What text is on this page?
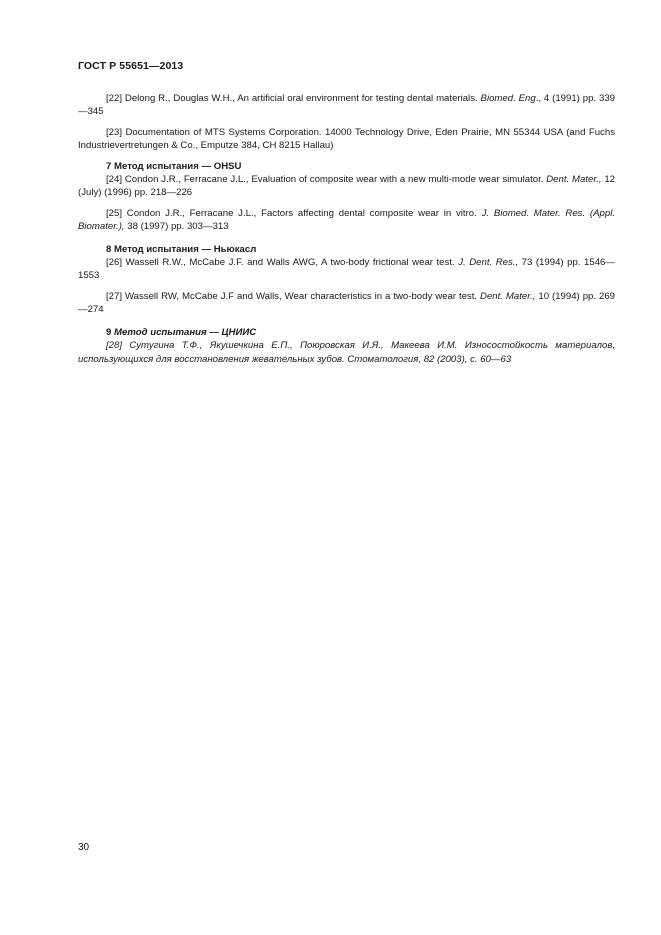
ГОСТ Р 55651—2013

[22] Delong R., Douglas W.H., An artificial oral environment for testing dental materials. Biomed. Eng., 4 (1991) pp. 339—345

[23] Documentation of MTS Systems Corporation. 14000 Technology Drive, Eden Prairie, MN 55344 USA (and Fuchs Industrievertretungen & Co., Emputze 384, CH 8215 Hallau)

7 Метод испытания — OHSU

[24] Condon J.R., Ferracane J.L., Evaluation of composite wear with a new multi-mode wear simulator. Dent. Mater., 12 (July) (1996) pp. 218—226

[25] Condon J.R., Ferracane J.L., Factors affecting dental composite wear in vitro. J. Biomed. Mater. Res. (Appl. Biomater.), 38 (1997) pp. 303—313

8 Метод испытания — Ньюкасл

[26] Wassell R.W., McCabe J.F. and Walls AWG, A two-body frictional wear test. J. Dent. Res., 73 (1994) pp. 1546—1553

[27] Wassell RW, McCabe J.F and Walls, Wear characteristics in a two-body wear test. Dent. Mater., 10 (1994) pp. 269—274

9 Метод испытания — ЦНИИС

[28] Сутугина Т.Ф., Якушечкина Е.П., Поюровская И.Я., Макеева И.М. Износостойкость материалов, использующихся для восстановления жевательных зубов. Стоматология, 82 (2003), с. 60—63

30
